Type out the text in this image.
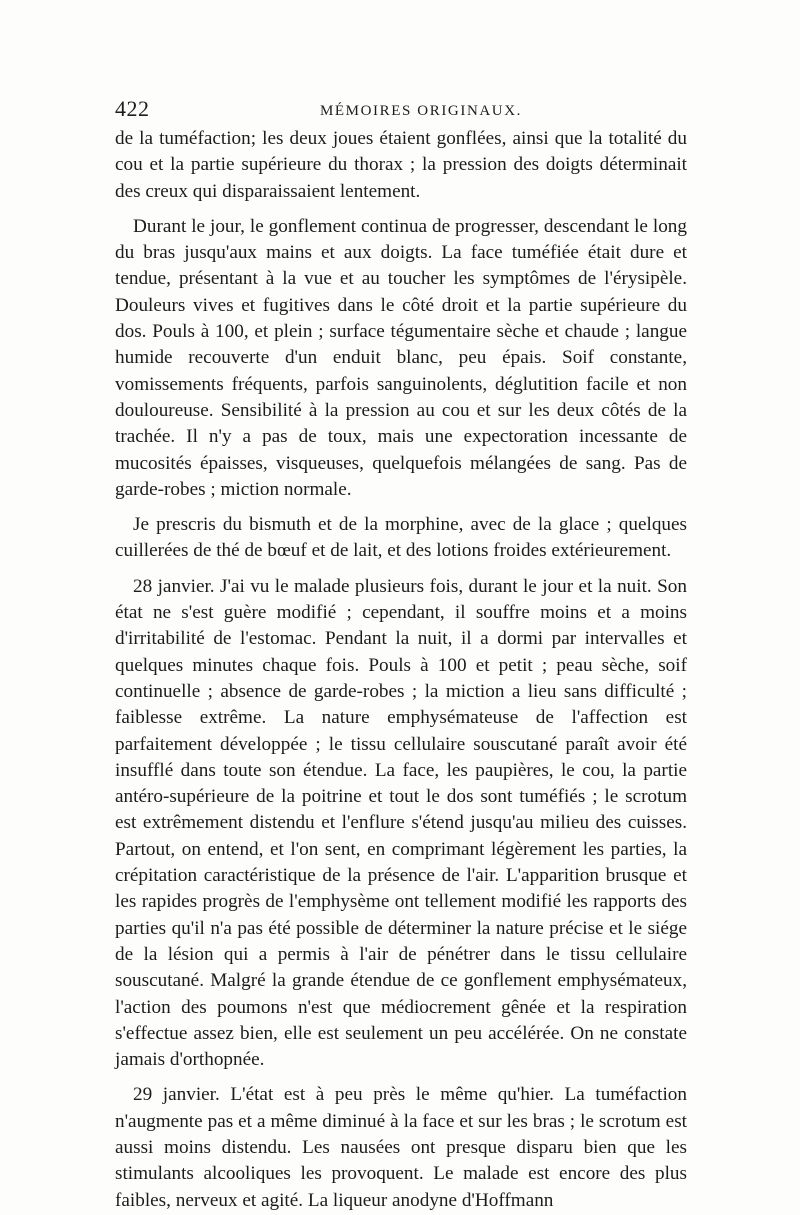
422	MÉMOIRES ORIGINAUX.

de la tuméfaction; les deux joues étaient gonflées, ainsi que la totalité du cou et la partie supérieure du thorax ; la pression des doigts déterminait des creux qui disparaissaient lentement.

Durant le jour, le gonflement continua de progresser, descendant le long du bras jusqu'aux mains et aux doigts. La face tuméfiée était dure et tendue, présentant à la vue et au toucher les symptômes de l'érysipèle. Douleurs vives et fugitives dans le côté droit et la partie supérieure du dos. Pouls à 100, et plein ; surface tégumentaire sèche et chaude ; langue humide recouverte d'un enduit blanc, peu épais. Soif constante, vomissements fréquents, parfois sanguinolents, déglutition facile et non douloureuse. Sensibilité à la pression au cou et sur les deux côtés de la trachée. Il n'y a pas de toux, mais une expectoration incessante de mucosités épaisses, visqueuses, quelquefois mélangées de sang. Pas de garde-robes ; miction normale.

Je prescris du bismuth et de la morphine, avec de la glace ; quelques cuillerées de thé de bœuf et de lait, et des lotions froides extérieurement.

28 janvier. J'ai vu le malade plusieurs fois, durant le jour et la nuit. Son état ne s'est guère modifié ; cependant, il souffre moins et a moins d'irritabilité de l'estomac. Pendant la nuit, il a dormi par intervalles et quelques minutes chaque fois. Pouls à 100 et petit ; peau sèche, soif continuelle ; absence de garde-robes ; la miction a lieu sans difficulté ; faiblesse extrême. La nature emphysémateuse de l'affection est parfaitement développée ; le tissu cellulaire souscutané paraît avoir été insufflé dans toute son étendue. La face, les paupières, le cou, la partie antéro-supérieure de la poitrine et tout le dos sont tuméfiés ; le scrotum est extrêmement distendu et l'enflure s'étend jusqu'au milieu des cuisses. Partout, on entend, et l'on sent, en comprimant légèrement les parties, la crépitation caractéristique de la présence de l'air. L'apparition brusque et les rapides progrès de l'emphysème ont tellement modifié les rapports des parties qu'il n'a pas été possible de déterminer la nature précise et le siége de la lésion qui a permis à l'air de pénétrer dans le tissu cellulaire souscutané. Malgré la grande étendue de ce gonflement emphysémateux, l'action des poumons n'est que médiocrement gênée et la respiration s'effectue assez bien, elle est seulement un peu accélérée. On ne constate jamais d'orthopnée.

29 janvier. L'état est à peu près le même qu'hier. La tuméfaction n'augmente pas et a même diminué à la face et sur les bras ; le scrotum est aussi moins distendu. Les nausées ont presque disparu bien que les stimulants alcooliques les provoquent. Le malade est encore des plus faibles, nerveux et agité. La liqueur anodyne d'Hoffmann
